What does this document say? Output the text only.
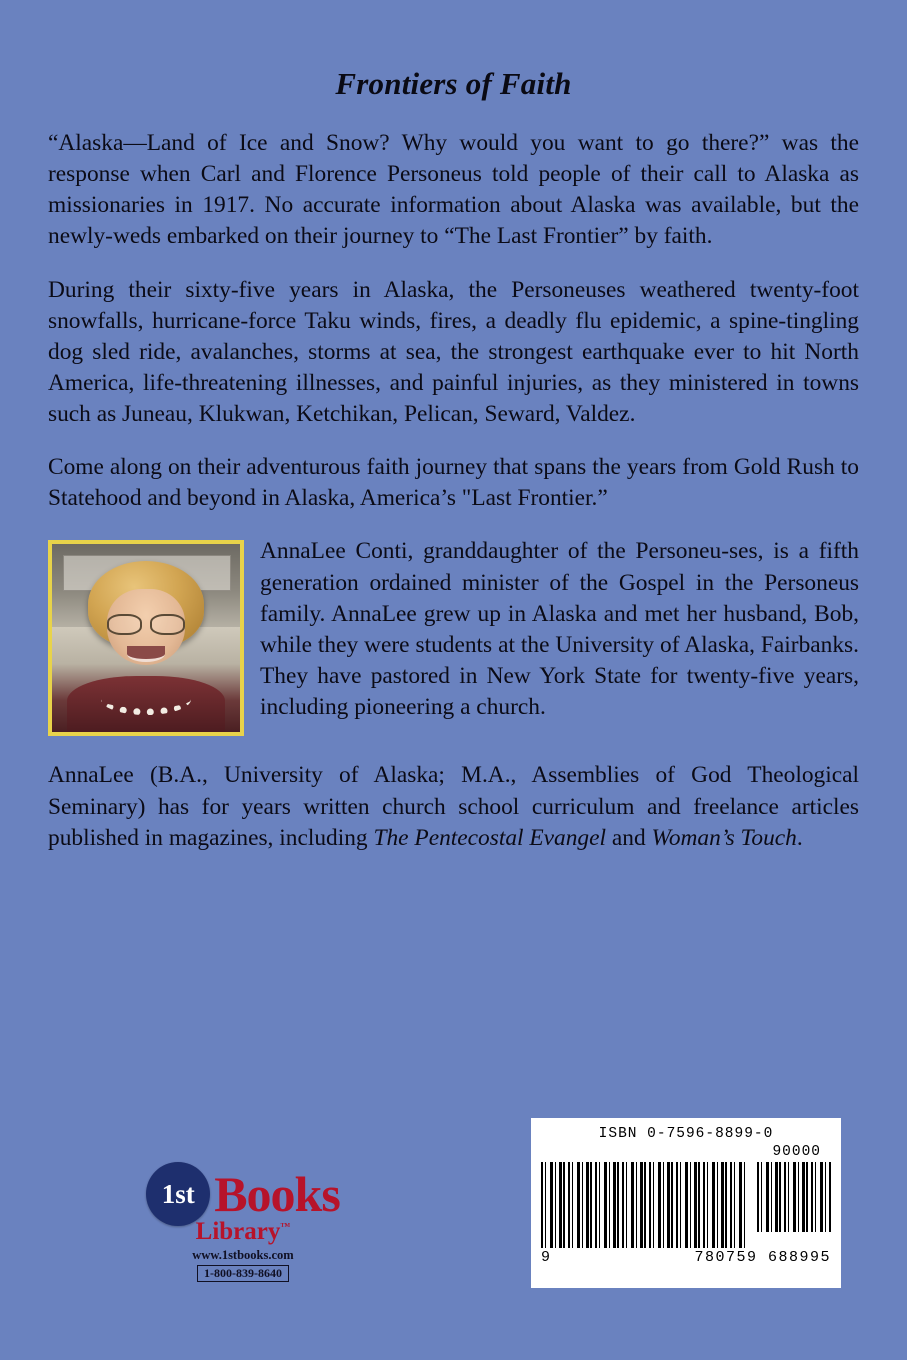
Frontiers of Faith

“Alaska—Land of Ice and Snow? Why would you want to go there?” was the response when Carl and Florence Personeus told people of their call to Alaska as missionaries in 1917. No accurate information about Alaska was available, but the newly-weds embarked on their journey to “The Last Frontier” by faith.

During their sixty-five years in Alaska, the Personeuses weathered twenty-foot snowfalls, hurricane-force Taku winds, fires, a deadly flu epidemic, a spine-tingling dog sled ride, avalanches, storms at sea, the strongest earthquake ever to hit North America, life-threatening illnesses, and painful injuries, as they ministered in towns such as Juneau, Klukwan, Ketchikan, Pelican, Seward, Valdez.

Come along on their adventurous faith journey that spans the years from Gold Rush to Statehood and beyond in Alaska, America’s "Last Frontier.”

AnnaLee Conti, granddaughter of the Personeu-ses, is a fifth generation ordained minister of the Gospel in the Personeus family. AnnaLee grew up in Alaska and met her husband, Bob, while they were students at the University of Alaska, Fairbanks. They have pastored in New York State for twenty-five years, including pioneering a church.

AnnaLee (B.A., University of Alaska; M.A., Assemblies of God Theological Seminary) has for years written church school curriculum and freelance articles published in magazines, including The Pentecostal Evangel and Woman’s Touch.

1st Books
Library™
www.1stbooks.com
1-800-839-8640
ISBN 0-7596-8899-0
90000
9	780759 688995
